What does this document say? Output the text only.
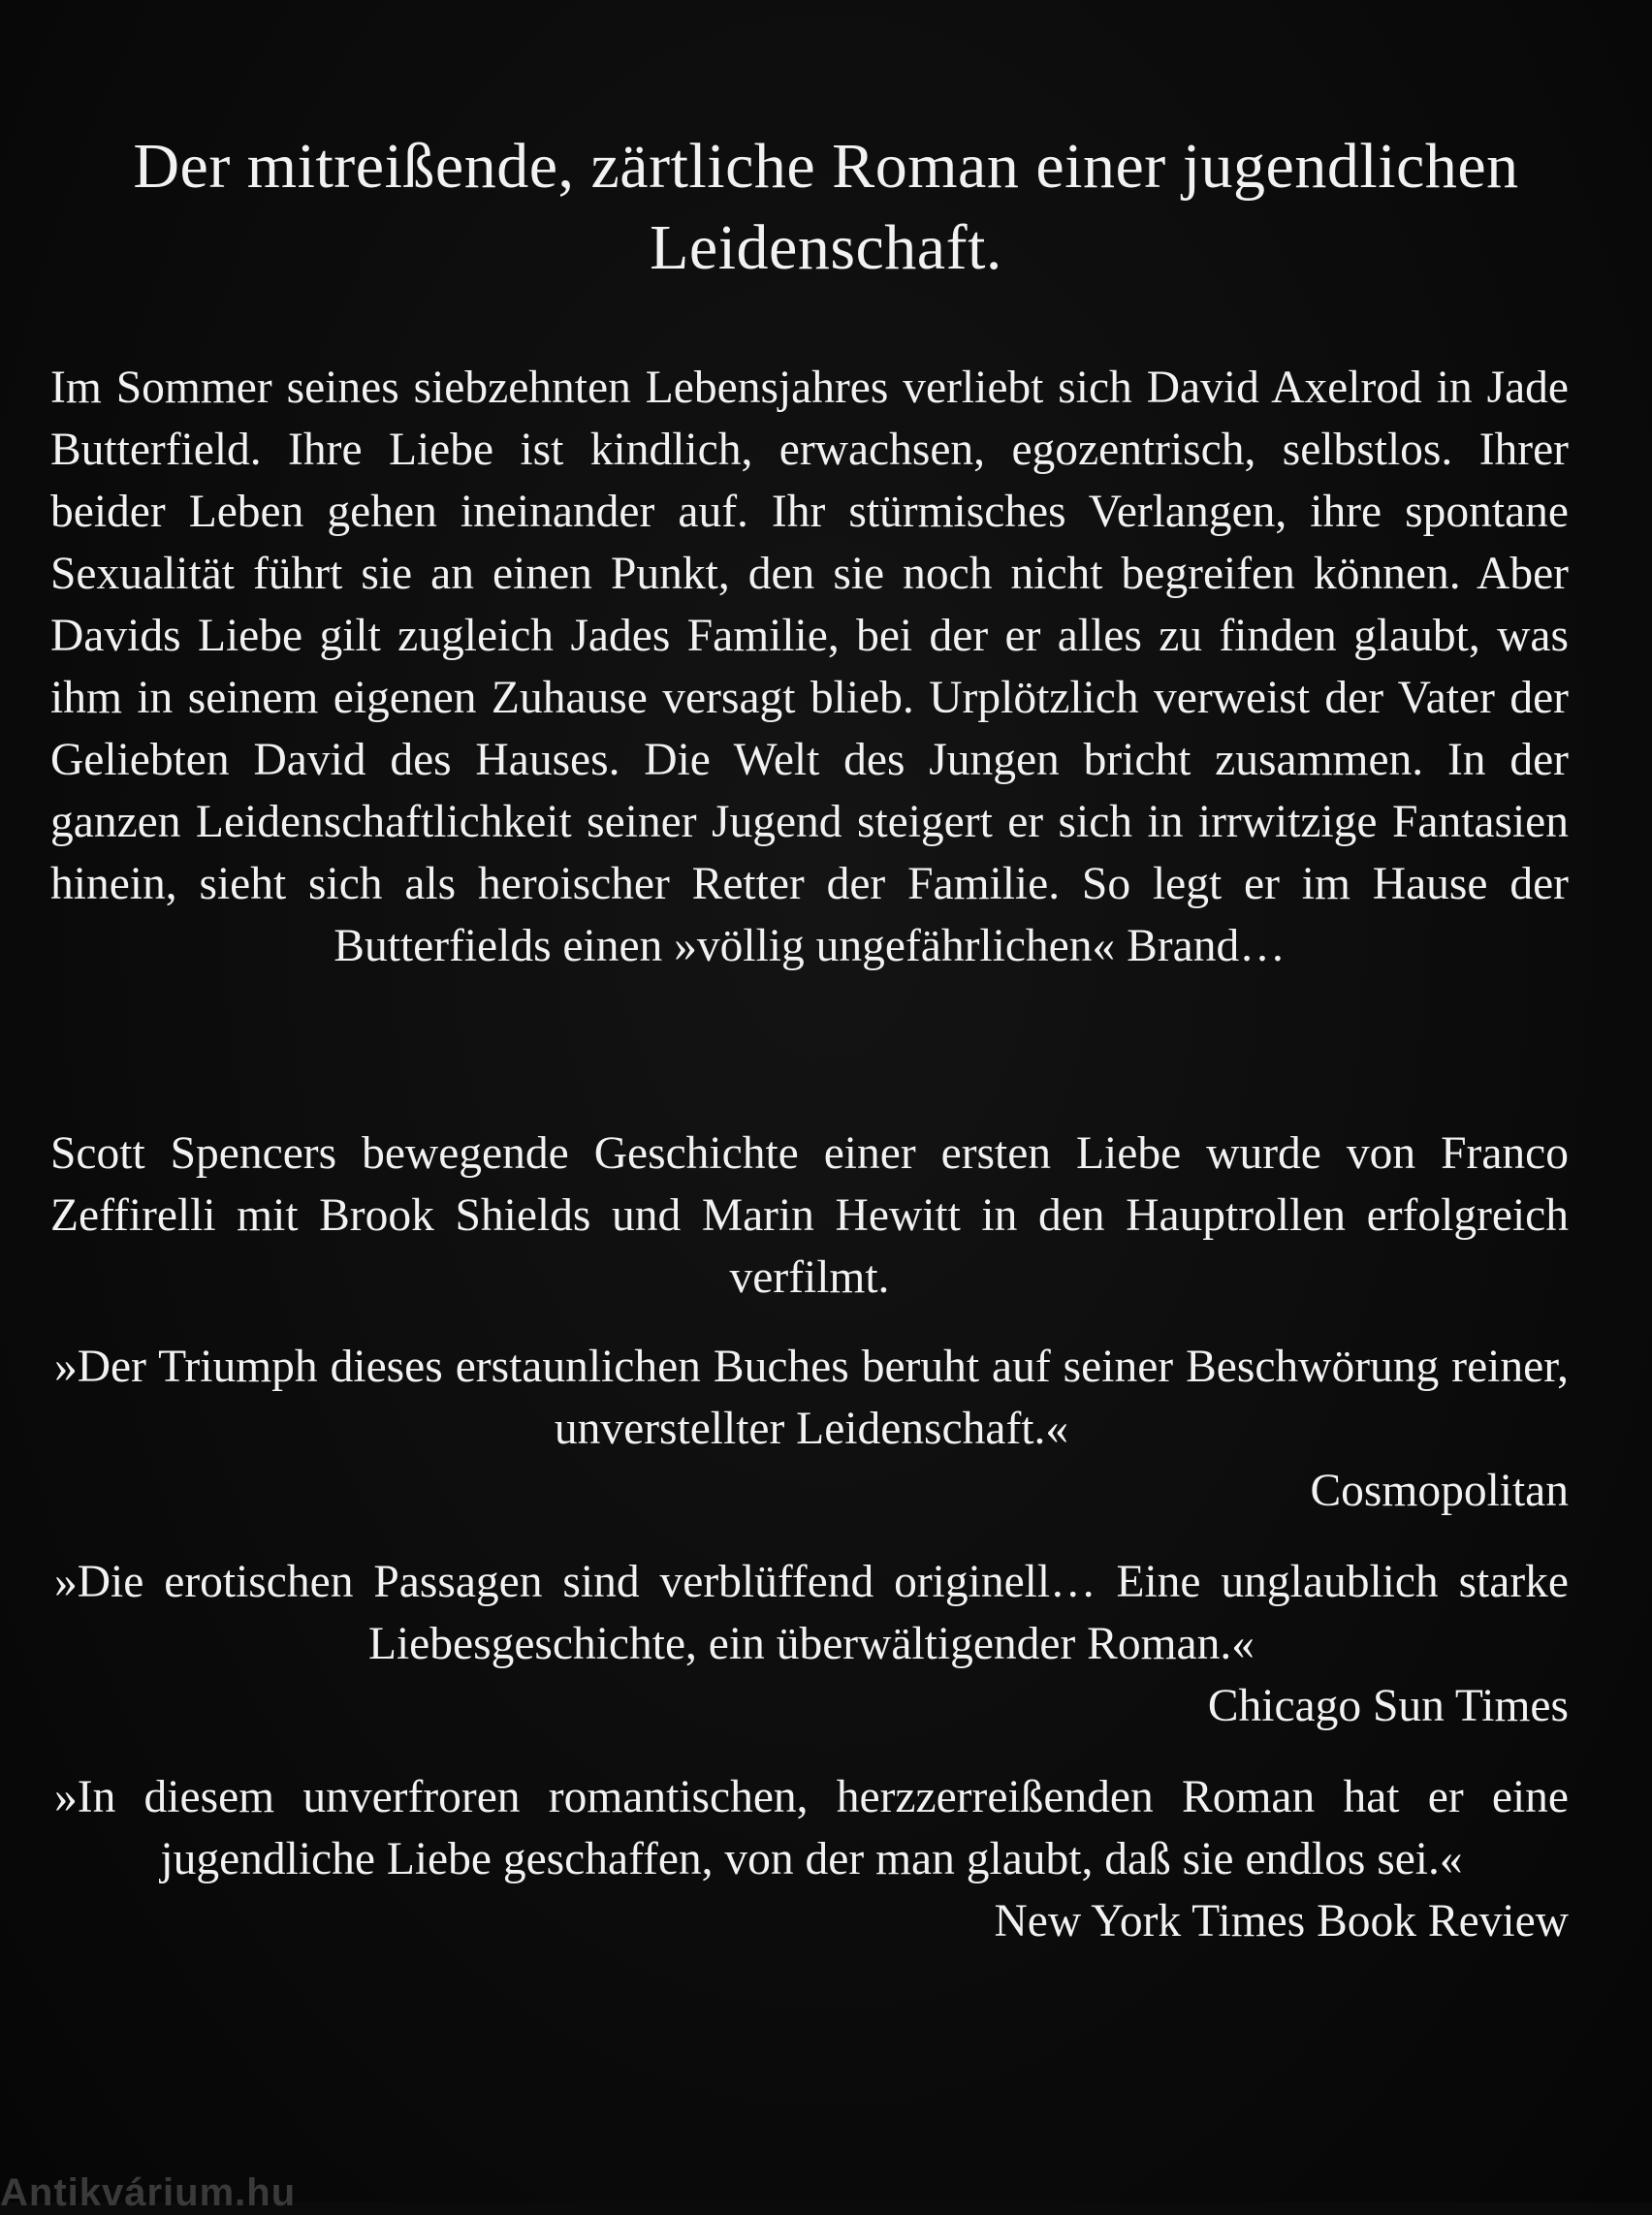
Der mitreißende, zärtliche Roman einer jugendlichen Leidenschaft.
Im Sommer seines siebzehnten Lebensjahres verliebt sich David Axelrod in Jade Butterfield. Ihre Liebe ist kindlich, erwachsen, egozentrisch, selbstlos. Ihrer beider Leben gehen ineinander auf. Ihr stürmisches Verlangen, ihre spontane Sexualität führt sie an einen Punkt, den sie noch nicht begreifen können. Aber Davids Liebe gilt zugleich Jades Familie, bei der er alles zu finden glaubt, was ihm in seinem eigenen Zuhause versagt blieb. Urplötzlich verweist der Vater der Geliebten David des Hauses. Die Welt des Jungen bricht zusammen. In der ganzen Leidenschaftlichkeit seiner Jugend steigert er sich in irrwitzige Fantasien hinein, sieht sich als heroischer Retter der Familie. So legt er im Hause der Butterfields einen »völlig ungefährlichen« Brand…
Scott Spencers bewegende Geschichte einer ersten Liebe wurde von Franco Zeffirelli mit Brook Shields und Marin Hewitt in den Hauptrollen erfolgreich verfilmt.
»Der Triumph dieses erstaunlichen Buches beruht auf seiner Beschwörung reiner, unverstellter Leidenschaft.«
Cosmopolitan
»Die erotischen Passagen sind verblüffend originell… Eine unglaublich starke Liebesgeschichte, ein überwältigender Roman.«
Chicago Sun Times
»In diesem unverfroren romantischen, herzzerreißenden Roman hat er eine jugendliche Liebe geschaffen, von der man glaubt, daß sie endlos sei.«
New York Times Book Review
Antikvárium.hu
